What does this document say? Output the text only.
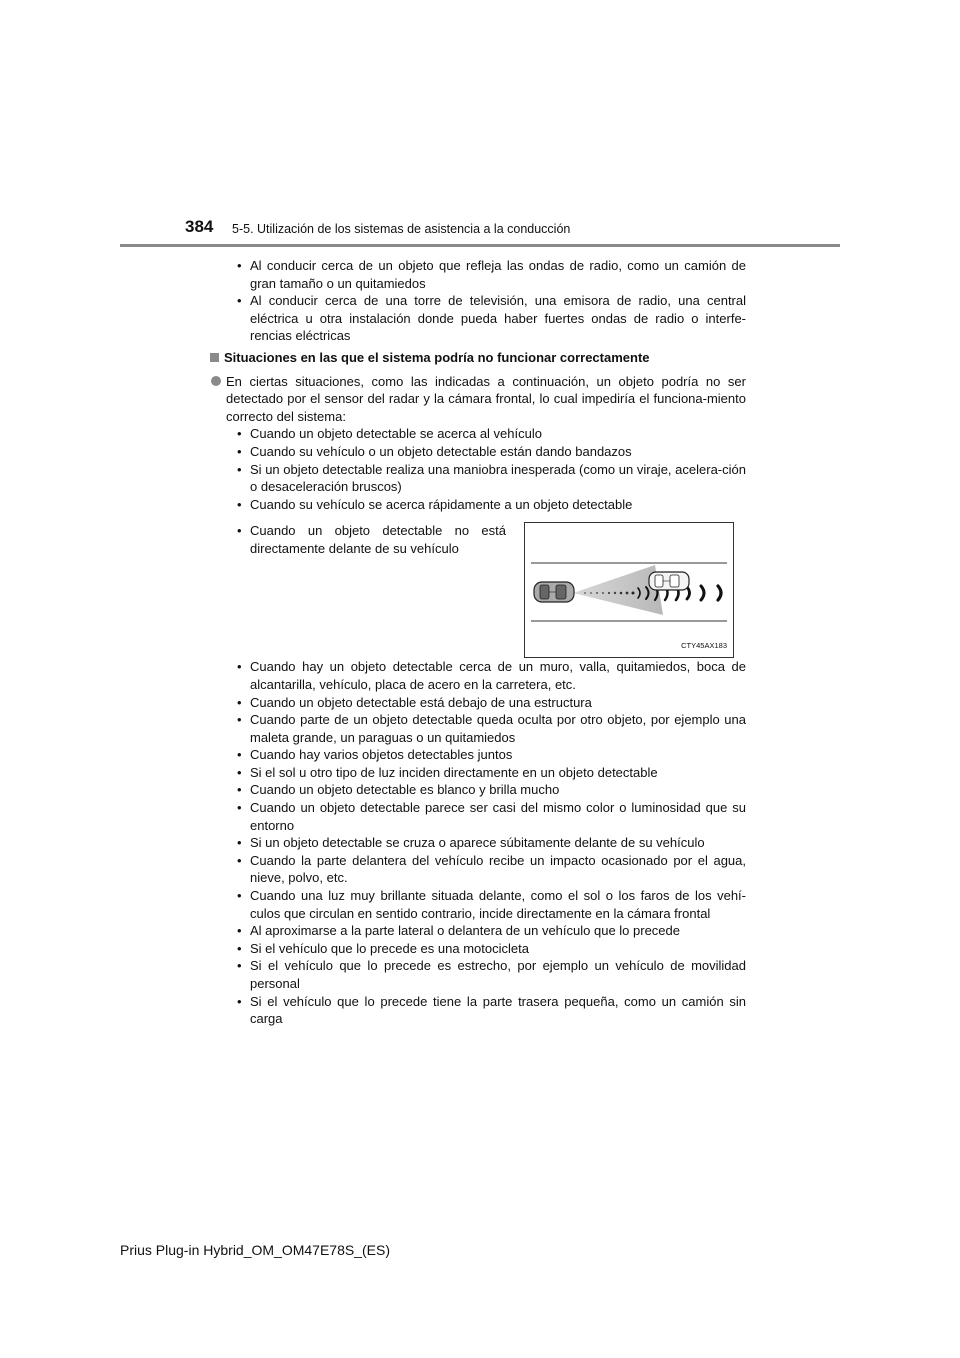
384 5-5. Utilización de los sistemas de asistencia a la conducción
• Al conducir cerca de un objeto que refleja las ondas de radio, como un camión de gran tamaño o un quitamiedos
• Al conducir cerca de una torre de televisión, una emisora de radio, una central eléctrica u otra instalación donde pueda haber fuertes ondas de radio o interfe-rencias eléctricas
Situaciones en las que el sistema podría no funcionar correctamente
En ciertas situaciones, como las indicadas a continuación, un objeto podría no ser detectado por el sensor del radar y la cámara frontal, lo cual impediría el funciona-miento correcto del sistema:
• Cuando un objeto detectable se acerca al vehículo
• Cuando su vehículo o un objeto detectable están dando bandazos
• Si un objeto detectable realiza una maniobra inesperada (como un viraje, acelera-ción o desaceleración bruscos)
• Cuando su vehículo se acerca rápidamente a un objeto detectable
• Cuando un objeto detectable no está directamente delante de su vehículo
CTY45AX183
• Cuando hay un objeto detectable cerca de un muro, valla, quitamiedos, boca de alcantarilla, vehículo, placa de acero en la carretera, etc.
• Cuando un objeto detectable está debajo de una estructura
• Cuando parte de un objeto detectable queda oculta por otro objeto, por ejemplo una maleta grande, un paraguas o un quitamiedos
• Cuando hay varios objetos detectables juntos
• Si el sol u otro tipo de luz inciden directamente en un objeto detectable
• Cuando un objeto detectable es blanco y brilla mucho
• Cuando un objeto detectable parece ser casi del mismo color o luminosidad que su entorno
• Si un objeto detectable se cruza o aparece súbitamente delante de su vehículo
• Cuando la parte delantera del vehículo recibe un impacto ocasionado por el agua, nieve, polvo, etc.
• Cuando una luz muy brillante situada delante, como el sol o los faros de los vehí-culos que circulan en sentido contrario, incide directamente en la cámara frontal
• Al aproximarse a la parte lateral o delantera de un vehículo que lo precede
• Si el vehículo que lo precede es una motocicleta
• Si el vehículo que lo precede es estrecho, por ejemplo un vehículo de movilidad personal
• Si el vehículo que lo precede tiene la parte trasera pequeña, como un camión sin carga
Prius Plug-in Hybrid_OM_OM47E78S_(ES)
